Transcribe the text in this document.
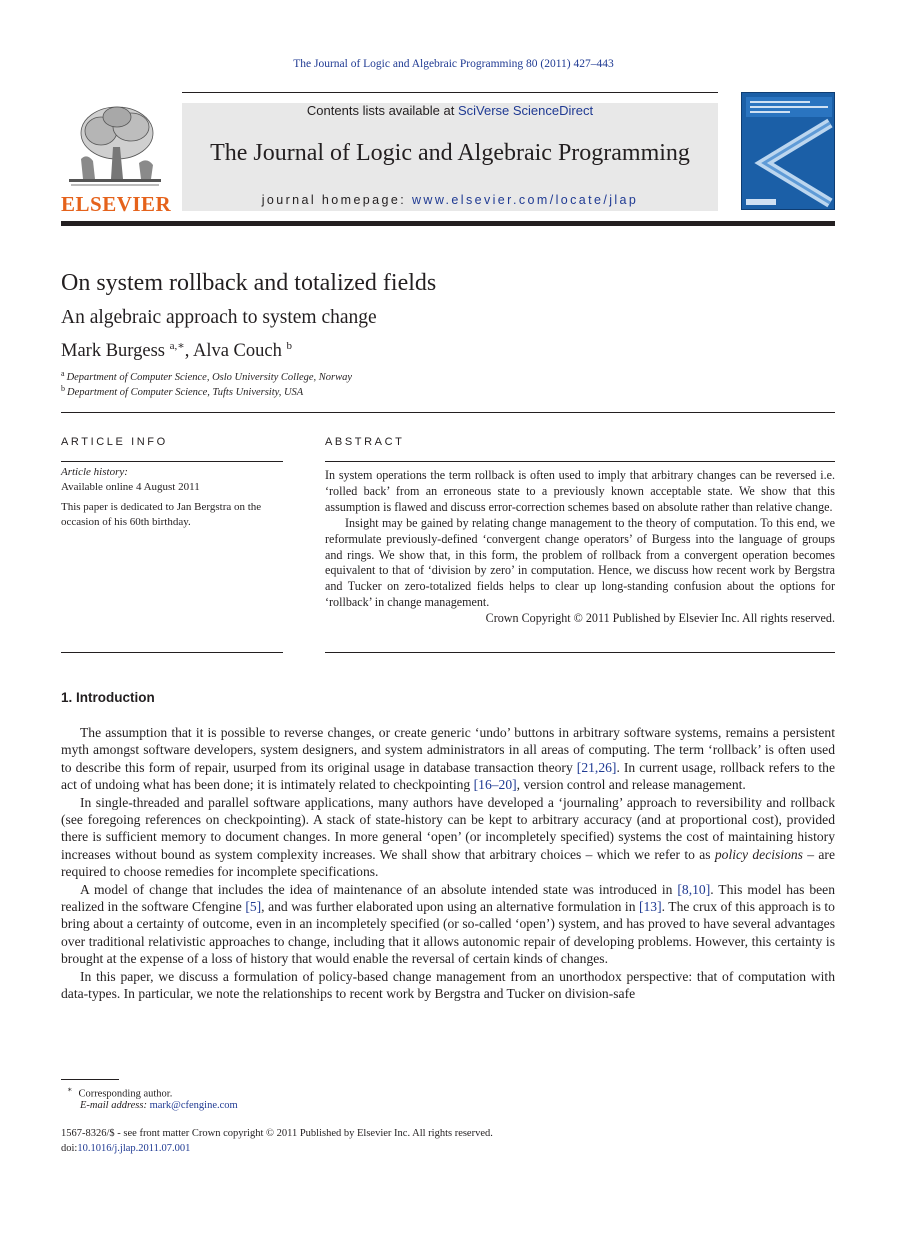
The Journal of Logic and Algebraic Programming 80 (2011) 427–443
ELSEVIER
Contents lists available at SciVerse ScienceDirect
The Journal of Logic and Algebraic Programming
journal homepage: www.elsevier.com/locate/jlap
On system rollback and totalized fields
An algebraic approach to system change
Mark Burgess $^{a,∗}$, Alva Couch $^b$
$^a$ Department of Computer Science, Oslo University College, Norway
$^b$ Department of Computer Science, Tufts University, USA
ARTICLE INFO
Article history:
Available online 4 August 2011
This paper is dedicated to Jan Bergstra on the occasion of his 60th birthday.
ABSTRACT

In system operations the term rollback is often used to imply that arbitrary changes can be reversed i.e. ‘rolled back’ from an erroneous state to a previously known acceptable state. We show that this assumption is flawed and discuss error-correction schemes based on absolute rather than relative change.

Insight may be gained by relating change management to the theory of computation. To this end, we reformulate previously-defined ‘convergent change operators’ of Burgess into the language of groups and rings. We show that, in this form, the problem of rollback from a convergent operation becomes equivalent to that of ‘division by zero’ in computation. Hence, we discuss how recent work by Bergstra and Tucker on zero-totalized fields helps to clear up long-standing confusion about the options for ‘rollback’ in change management.

Crown Copyright © 2011 Published by Elsevier Inc. All rights reserved.
1. Introduction

The assumption that it is possible to reverse changes, or create generic ‘undo’ buttons in arbitrary software systems, remains a persistent myth amongst software developers, system designers, and system administrators in all areas of computing. The term ‘rollback’ is often used to describe this form of repair, usurped from its original usage in database transaction theory [21,26]. In current usage, rollback refers to the act of undoing what has been done; it is intimately related to checkpointing [16–20], version control and release management.

In single-threaded and parallel software applications, many authors have developed a ‘journaling’ approach to reversibility and rollback (see foregoing references on checkpointing). A stack of state-history can be kept to arbitrary accuracy (and at proportional cost), provided there is sufficient memory to document changes. In more general ‘open’ (or incompletely specified) systems the cost of maintaining history increases without bound as system complexity increases. We shall show that arbitrary choices – which we refer to as policy decisions – are required to choose remedies for incomplete specifications.

A model of change that includes the idea of maintenance of an absolute intended state was introduced in [8,10]. This model has been realized in the software Cfengine [5], and was further elaborated upon using an alternative formulation in [13]. The crux of this approach is to bring about a certainty of outcome, even in an incompletely specified (or so-called ‘open’) system, and has proved to have several advantages over traditional relativistic approaches to change, including that it allows autonomic repair of developing problems. However, this certainty is brought at the expense of a loss of history that would enable the reversal of certain kinds of changes.

In this paper, we discuss a formulation of policy-based change management from an unorthodox perspective: that of computation with data-types. In particular, we note the relationships to recent work by Bergstra and Tucker on division-safe

∗ Corresponding author.
E-mail address: mark@cfengine.com
1567-8326/$ - see front matter Crown copyright © 2011 Published by Elsevier Inc. All rights reserved.
doi:10.1016/j.jlap.2011.07.001
